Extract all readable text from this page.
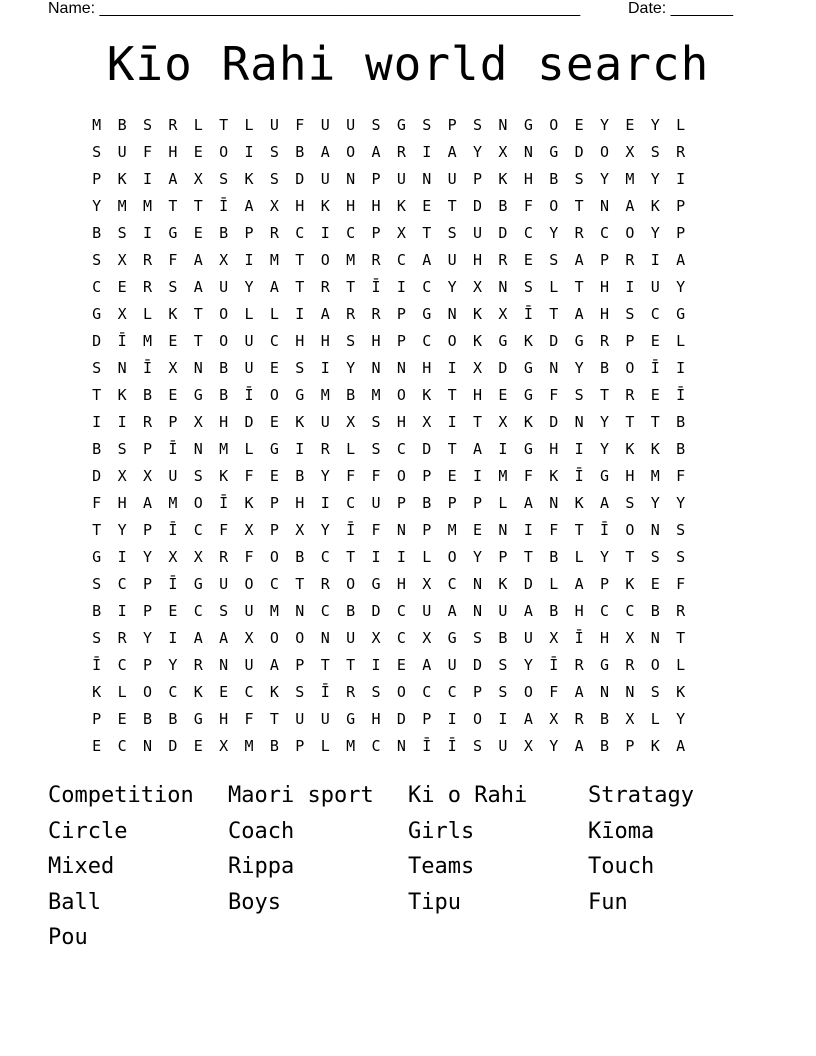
Name: ______________________________________________________	Date: _______
Kīo Rahi world search
M	B	S	R	L	T	L	U	F	U	U	S	G	S	P	S	N	G	O	E	Y	E	Y	L
S	U	F	H	E	O	I	S	B	A	O	A	R	I	A	Y	X	N	G	D	O	X	S	R
P	K	I	A	X	S	K	S	D	U	N	P	U	N	U	P	K	H	B	S	Y	M	Y	I
Y	M	M	T	T	Ī	A	X	H	K	H	H	K	E	T	D	B	F	O	T	N	A	K	P
B	S	I	G	E	B	P	R	C	I	C	P	X	T	S	U	D	C	Y	R	C	O	Y	P
S	X	R	F	A	X	I	M	T	O	M	R	C	A	U	H	R	E	S	A	P	R	I	A
C	E	R	S	A	U	Y	A	T	R	T	Ī	I	C	Y	X	N	S	L	T	H	I	U	Y
G	X	L	K	T	O	L	L	I	A	R	R	P	G	N	K	X	Ī	T	A	H	S	C	G
D	Ī	M	E	T	O	U	C	H	H	S	H	P	C	O	K	G	K	D	G	R	P	E	L
S	N	Ī	X	N	B	U	E	S	I	Y	N	N	H	I	X	D	G	N	Y	B	O	Ī	I
T	K	B	E	G	B	Ī	O	G	M	B	M	O	K	T	H	E	G	F	S	T	R	E	Ī
I	I	R	P	X	H	D	E	K	U	X	S	H	X	I	T	X	K	D	N	Y	T	T	B
B	S	P	Ī	N	M	L	G	I	R	L	S	C	D	T	A	I	G	H	I	Y	K	K	B
D	X	X	U	S	K	F	E	B	Y	F	F	O	P	E	I	M	F	K	Ī	G	H	M	F
F	H	A	M	O	Ī	K	P	H	I	C	U	P	B	P	P	L	A	N	K	A	S	Y	Y
T	Y	P	Ī	C	F	X	P	X	Y	Ī	F	N	P	M	E	N	I	F	T	Ī	O	N	S
G	I	Y	X	X	R	F	O	B	C	T	I	I	L	O	Y	P	T	B	L	Y	T	S	S
S	C	P	Ī	G	U	O	C	T	R	O	G	H	X	C	N	K	D	L	A	P	K	E	F
B	I	P	E	C	S	U	M	N	C	B	D	C	U	A	N	U	A	B	H	C	C	B	R
S	R	Y	I	A	A	X	O	O	N	U	X	C	X	G	S	B	U	X	Ī	H	X	N	T
Ī	C	P	Y	R	N	U	A	P	T	T	I	E	A	U	D	S	Y	Ī	R	G	R	O	L
K	L	O	C	K	E	C	K	S	Ī	R	S	O	C	C	P	S	O	F	A	N	N	S	K
P	E	B	B	G	H	F	T	U	U	G	H	D	P	I	O	I	A	X	R	B	X	L	Y
E	C	N	D	E	X	M	B	P	L	M	C	N	Ī	Ī	S	U	X	Y	A	B	P	K	A
Competition	Maori sport	Ki o Rahi	Stratagy
Circle	Coach	Girls	Kīoma
Mixed	Rippa	Teams	Touch
Ball	Boys	Tipu	Fun
Pou
